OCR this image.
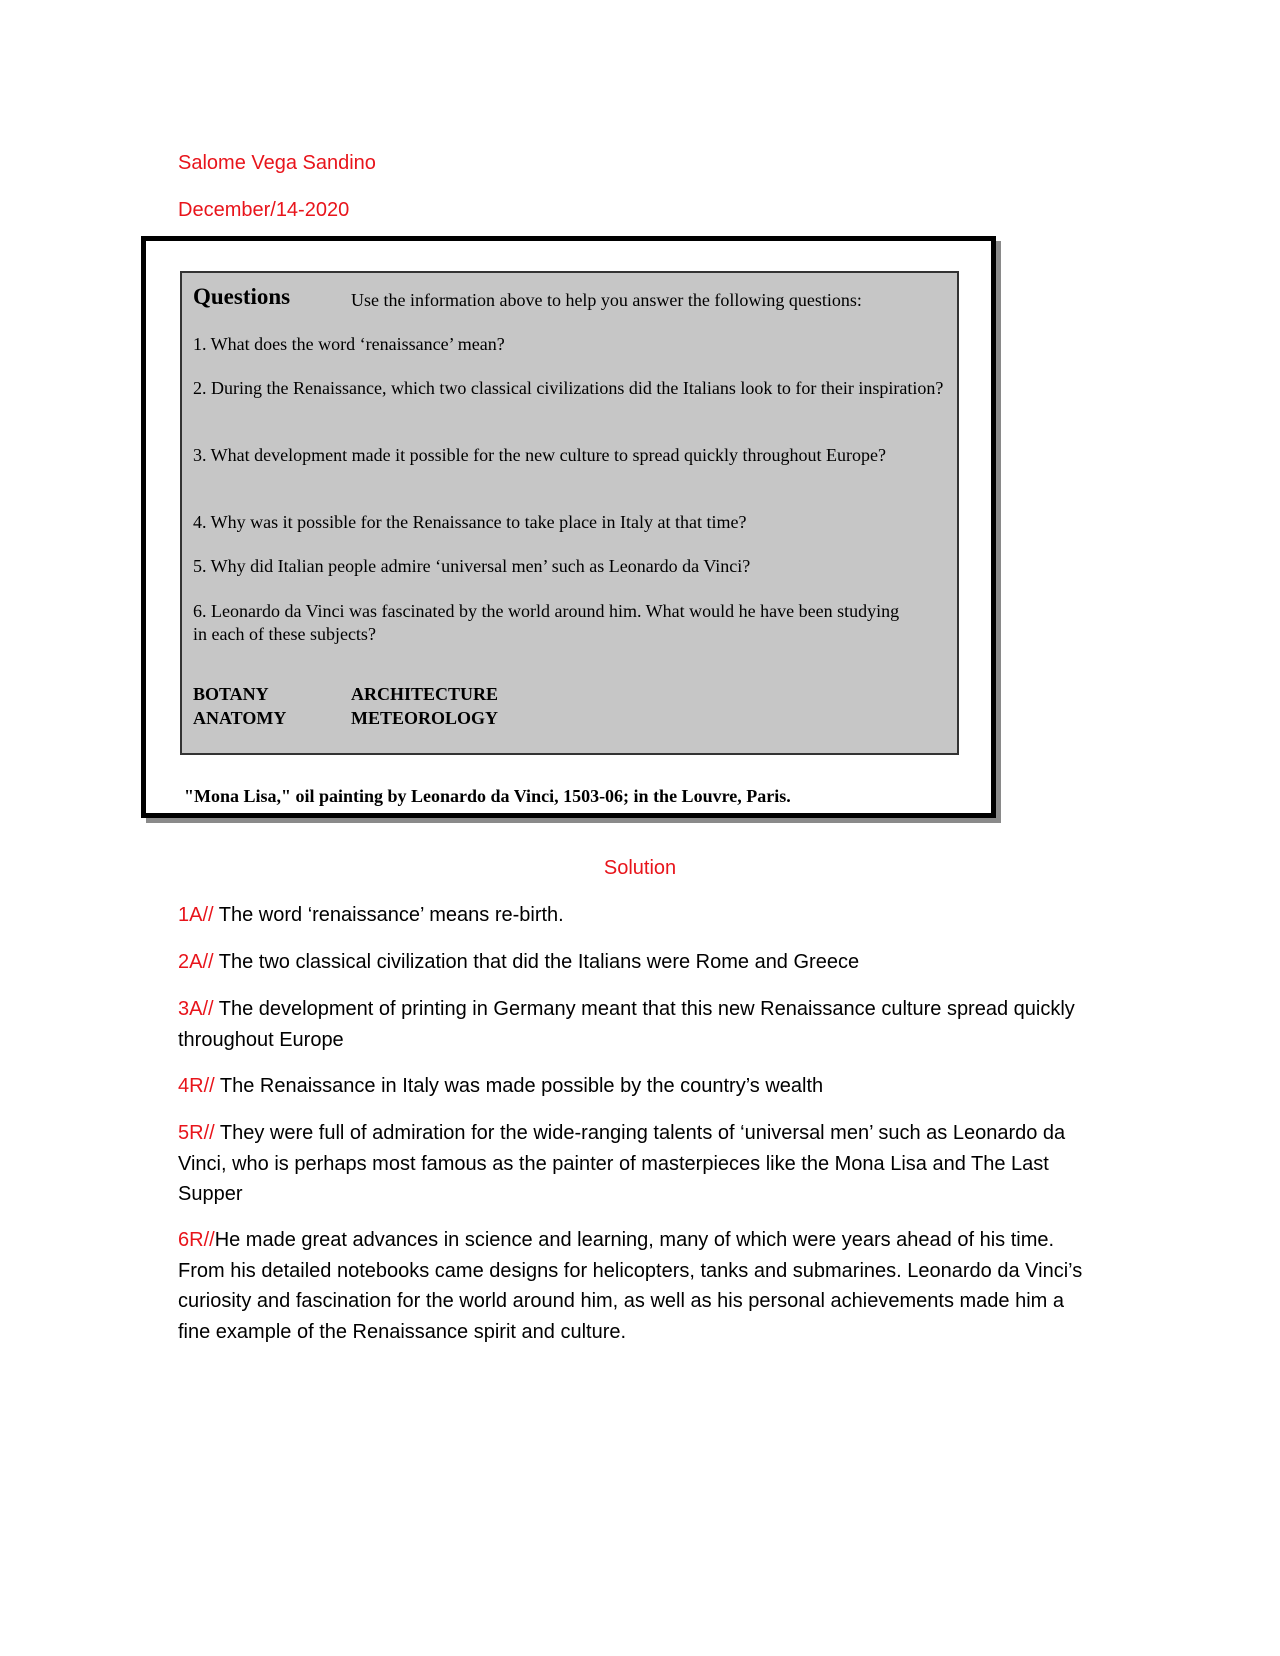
Salome Vega Sandino
December/14-2020
Questions	Use the information above to help you answer the following questions:
1. What does the word ‘renaissance’ mean?
2. During the Renaissance, which two classical civilizations did the Italians look to for their inspiration?
3. What development made it possible for the new culture to spread quickly throughout Europe?
4. Why was it possible for the Renaissance to take place in Italy at that time?
5. Why did Italian people admire ‘universal men’ such as Leonardo da Vinci?
6. Leonardo da Vinci was fascinated by the world around him. What would he have been studying in each of these subjects?
BOTANY	ARCHITECTURE
ANATOMY	METEOROLOGY
"Mona Lisa," oil painting by Leonardo da Vinci, 1503-06; in the Louvre, Paris.
Solution
1A// The word ‘renaissance’ means re-birth.
2A// The two classical civilization that did the Italians were Rome and Greece
3A// The development of printing in Germany meant that this new Renaissance culture spread quickly throughout Europe
4R// The Renaissance in Italy was made possible by the country’s wealth
5R// They were full of admiration for the wide-ranging talents of ‘universal men’ such as Leonardo da Vinci, who is perhaps most famous as the painter of masterpieces like the Mona Lisa and The Last Supper
6R//He made great advances in science and learning, many of which were years ahead of his time. From his detailed notebooks came designs for helicopters, tanks and submarines. Leonardo da Vinci’s curiosity and fascination for the world around him, as well as his personal achievements made him a fine example of the Renaissance spirit and culture.
